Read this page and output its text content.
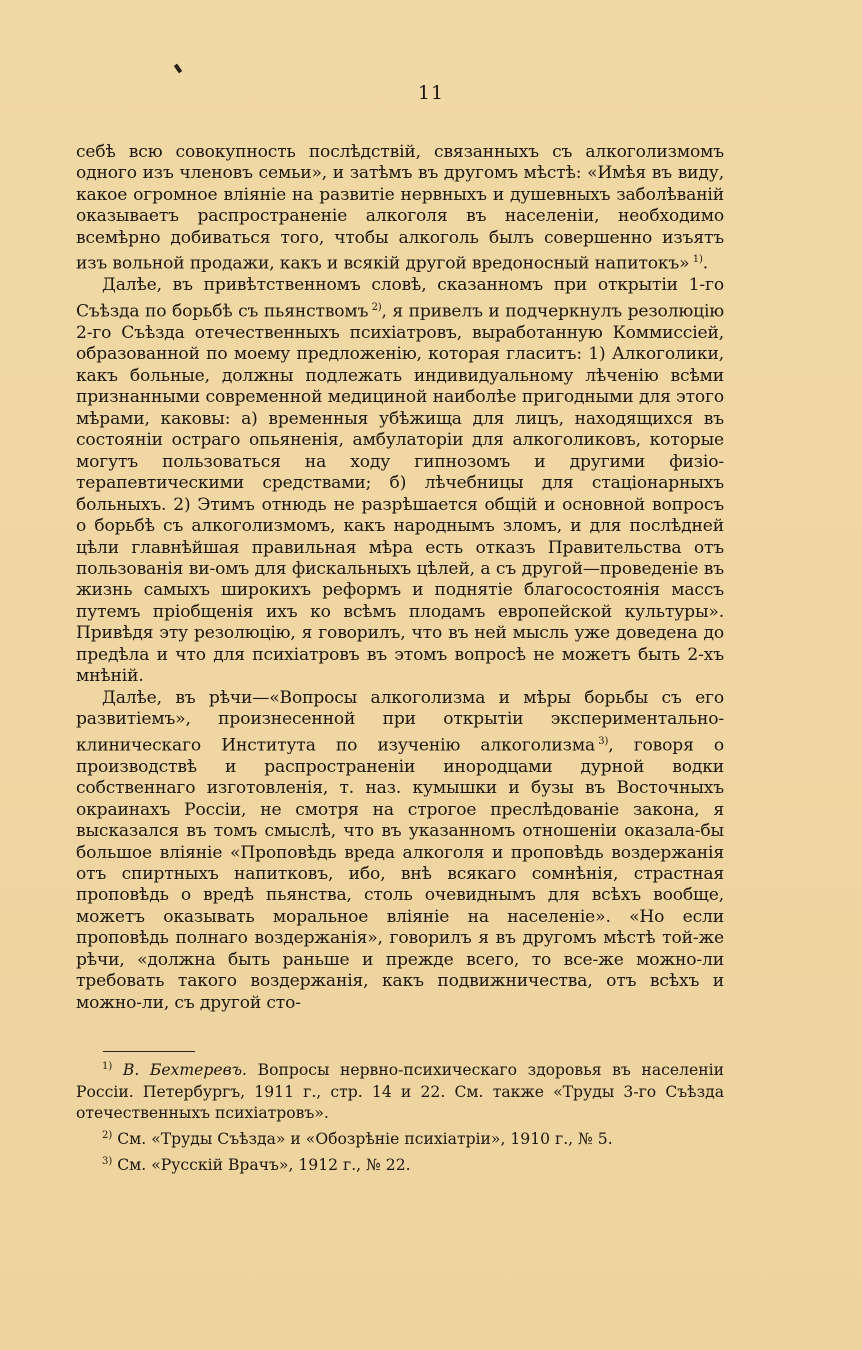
11

себѣ всю совокупность послѣдствій, связанныхъ съ алкоголизмомъ одного изъ членовъ семьи», и затѣмъ въ другомъ мѣстѣ: «Имѣя въ виду, какое огромное вліяніе на развитіе нервныхъ и душевныхъ заболѣваній оказываетъ распространеніе алкоголя въ населеніи, необходимо всемѣрно добиваться того, чтобы алкоголь былъ совершенно изъятъ изъ вольной продажи, какъ и всякій другой вредоносный напитокъ»  $^{1)}$.

Далѣе, въ привѣтственномъ словѣ, сказанномъ при открытіи 1-го Съѣзда по борьбѣ съ пьянствомъ  $^{2)}$, я привелъ и подчеркнулъ резолюцію 2-го Съѣзда отечественныхъ психіатровъ, выработанную Коммиссіей, образованной по моему предложенію, которая гласитъ: 1) Алкоголики, какъ больные, должны подлежать индивидуальному лѣченію всѣми признанными современной медициной наиболѣе пригодными для этого мѣрами, каковы: а) временныя убѣжища для лицъ, находящихся въ состояніи остраго опьяненія, амбулаторіи для алкоголиковъ, которые могутъ пользоваться на ходу гипнозомъ и другими физіо-терапевтическими средствами; б) лѣчебницы для стаціонарныхъ больныхъ. 2) Этимъ отнюдь не разрѣшается общій и основной вопросъ о борьбѣ съ алкоголизмомъ, какъ народнымъ зломъ, и для послѣдней цѣли главнѣйшая правильная мѣра есть отказъ Правительства отъ пользованія ви-омъ для фискальныхъ цѣлей, а съ другой—проведеніе въ жизнь самыхъ широкихъ реформъ и поднятіе благосостоянія массъ путемъ пріобщенія ихъ ко всѣмъ плодамъ европейской культуры». Привѣдя эту резолюцію, я говорилъ, что въ ней мысль уже доведена до предѣла и что для психіатровъ въ этомъ вопросѣ не можетъ быть 2-хъ мнѣній.

Далѣе, въ рѣчи—«Вопросы алкоголизма и мѣры борьбы съ его развитіемъ», произнесенной при открытіи экспериментально-клиническаго Института по изученію алкоголизма  $^{3)}$, говоря о производствѣ и распространеніи инородцами дурной водки собственнаго изготовленія, т. наз. кумышки и бузы въ Восточныхъ окраинахъ Россіи, не смотря на строгое преслѣдованіе закона, я высказался въ томъ смыслѣ, что въ указанномъ отношеніи оказала-бы большое вліяніе «Проповѣдь вреда алкоголя и проповѣдь воздержанія отъ спиртныхъ напитковъ, ибо, внѣ всякаго сомнѣнія, страстная проповѣдь о вредѣ пьянства, столь очевиднымъ для всѣхъ вообще, можетъ оказывать моральное вліяніе на населеніе». «Но если проповѣдь полнаго воздержанія», говорилъ я въ другомъ мѣстѣ той-же рѣчи, «должна быть раньше и прежде всего, то все-же можно-ли требовать такого воздержанія, какъ подвижничества, отъ всѣхъ и можно-ли, съ другой сто-

$^{1)}$ В. Бехтеревъ. Вопросы нервно-психическаго здоровья въ населеніи Россіи. Петербургъ, 1911 г., стр. 14 и 22. См. также «Труды 3-го Съѣзда отечественныхъ психіатровъ».

$^{2)}$ См. «Труды Съѣзда» и «Обозрѣніе психіатріи», 1910 г., № 5.

$^{3)}$ См. «Русскій Врачъ», 1912 г., № 22.
